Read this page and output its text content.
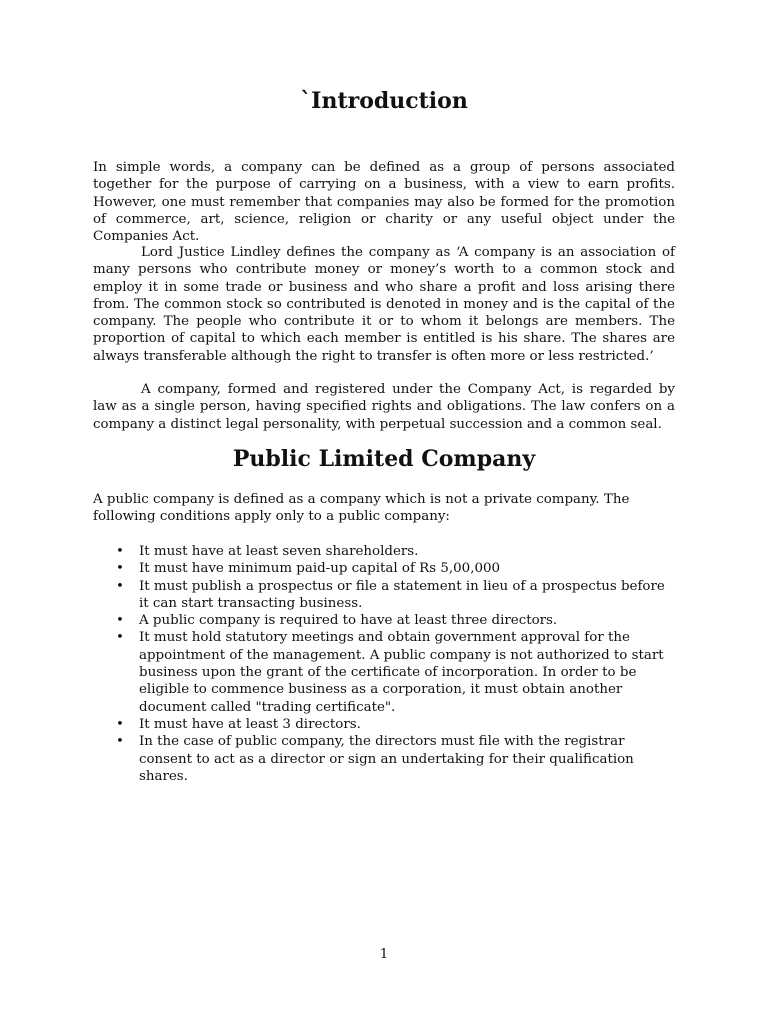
`Introduction

In simple words, a company can be defined as a group of persons associated together for the purpose of carrying on a business, with a view to earn profits. However, one must remember that companies may also be formed for the promotion of commerce, art, science, religion or charity or any useful object under the Companies Act.

Lord Justice Lindley defines the company as ‘A company is an association of many persons who contribute money or money’s worth to a common stock and employ it in some trade or business and who share a profit and loss arising there from. The common stock so contributed is denoted in money and is the capital of the company. The people who contribute it or to whom it belongs are members. The proportion of capital to which each member is entitled is his share. The shares are always transferable although the right to transfer is often more or less restricted.’

A company, formed and registered under the Company Act, is regarded by law as a single person, having specified rights and obligations. The law confers on a company a distinct legal personality, with perpetual succession and a common seal.

Public Limited Company

A public company is defined as a company which is not a private company. The following conditions apply only to a public company:

• It must have at least seven shareholders.
• It must have minimum paid-up capital of Rs 5,00,000
• It must publish a prospectus or file a statement in lieu of a prospectus before it can start transacting business.
• A public company is required to have at least three directors.
• It must hold statutory meetings and obtain government approval for the appointment of the management. A public company is not authorized to start business upon the grant of the certificate of incorporation. In order to be eligible to commence business as a corporation, it must obtain another document called "trading certificate".
• It must have at least 3 directors.
• In the case of public company, the directors must file with the registrar consent to act as a director or sign an undertaking for their qualification shares.
1
